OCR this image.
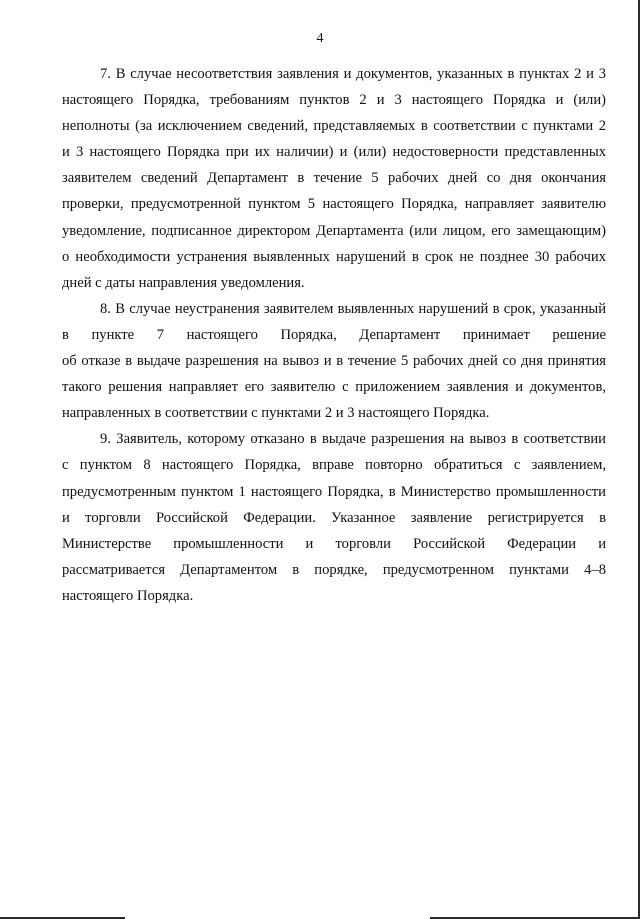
4
7. В случае несоответствия заявления и документов, указанных в пунктах 2 и 3
настоящего Порядка, требованиям пунктов 2 и 3 настоящего Порядка и (или)
неполноты (за исключением сведений, представляемых в соответствии с пунктами 2
и 3 настоящего Порядка при их наличии) и (или) недостоверности представленных
заявителем сведений Департамент в течение 5 рабочих дней со дня окончания
проверки, предусмотренной пунктом 5 настоящего Порядка, направляет заявителю
уведомление, подписанное директором Департамента (или лицом, его замещающим)
о необходимости устранения выявленных нарушений в срок не позднее 30 рабочих
дней с даты направления уведомления.
8. В случае неустранения заявителем выявленных нарушений в срок, указанный
в пункте 7 настоящего Порядка, Департамент принимает решение
об отказе в выдаче разрешения на вывоз и в течение 5 рабочих дней со дня принятия
такого решения направляет его заявителю с приложением заявления и документов,
направленных в соответствии с пунктами 2 и 3 настоящего Порядка.
9. Заявитель, которому отказано в выдаче разрешения на вывоз в соответствии
с пунктом 8 настоящего Порядка, вправе повторно обратиться с заявлением,
предусмотренным пунктом 1 настоящего Порядка, в Министерство промышленности
и торговли Российской Федерации. Указанное заявление регистрируется в
Министерстве промышленности и торговли Российской Федерации и
рассматривается Департаментом в порядке, предусмотренном пунктами 4–8
настоящего Порядка.
